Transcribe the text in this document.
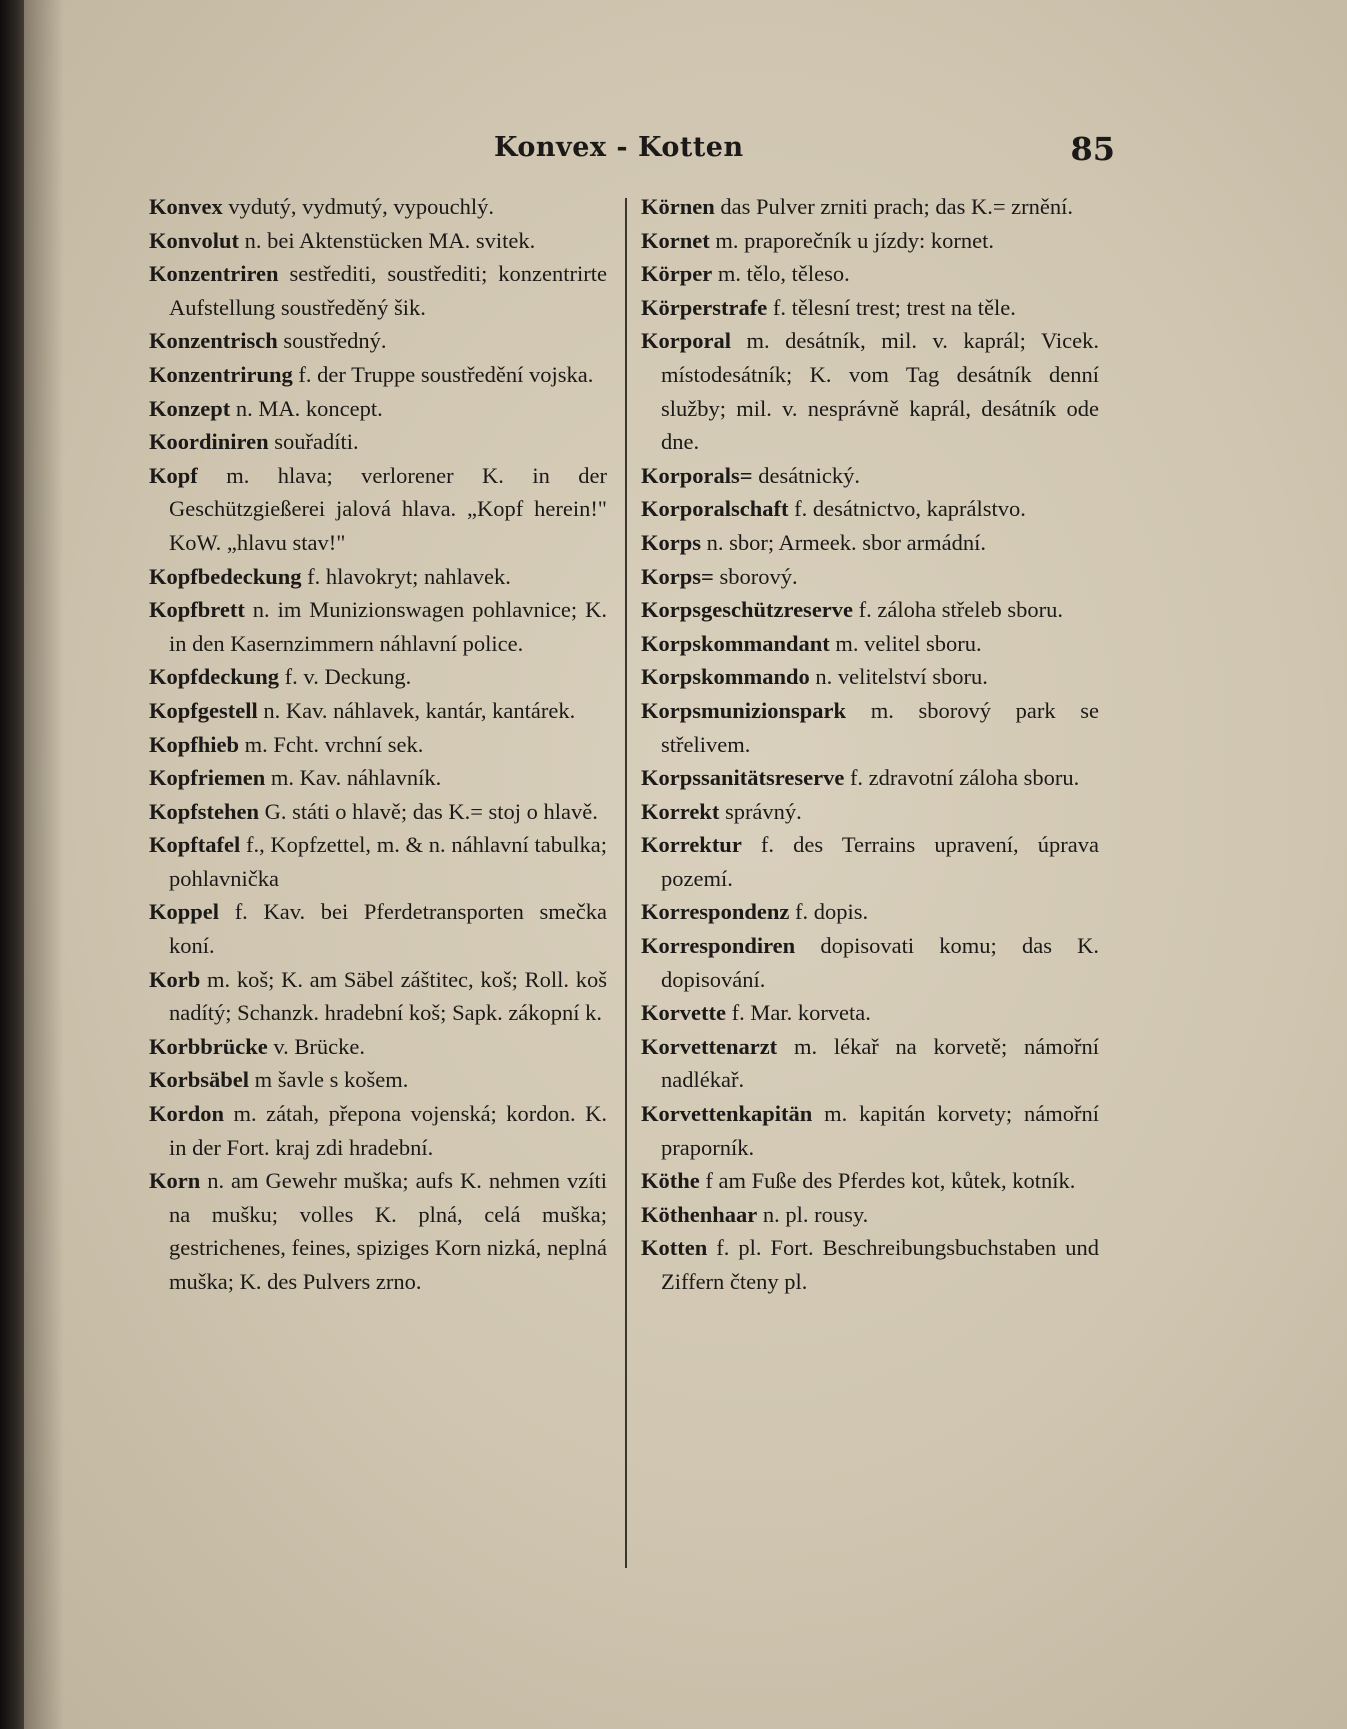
Konvex - Kotten	85
Konvex vydutý, vydmutý, vypouchlý.
Konvolut n. bei Aktenstücken MA. svitek.
Konzentriren sestřediti, soustřediti; konzentrirte Aufstellung soustředěný šik.
Konzentrisch soustředný.
Konzentrirung f. der Truppe soustředění vojska.
Konzept n. MA. koncept.
Koordiniren souřadíti.
Kopf m. hlava; verlorener K. in der Geschützgießerei jalová hlava. „Kopf herein!" KoW. „hlavu stav!"
Kopfbedeckung f. hlavokryt; nahlavek.
Kopfbrett n. im Munizionswagen pohlavnice; K. in den Kasernzimmern náhlavní police.
Kopfdeckung f. v. Deckung.
Kopfgestell n. Kav. náhlavek, kantár, kantárek.
Kopfhieb m. Fcht. vrchní sek.
Kopfriemen m. Kav. náhlavník.
Kopfstehen G. státi o hlavě; das K.= stoj o hlavě.
Kopftafel f., Kopfzettel, m. & n. náhlavní tabulka; pohlavnička
Koppel f. Kav. bei Pferdetransporten smečka koní.
Korb m. koš; K. am Säbel záštitec, koš; Roll. koš nadítý; Schanzk. hradební koš; Sapk. zákopní k.
Korbbrücke v. Brücke.
Korbsäbel m šavle s košem.
Kordon m. zátah, přepona vojenská; kordon. K. in der Fort. kraj zdi hradební.
Korn n. am Gewehr muška; aufs K. nehmen vzíti na mušku; volles K. plná, celá muška; gestrichenes, feines, spiziges Korn nizká, neplná muška; K. des Pulvers zrno.
Körnen das Pulver zrniti prach; das K.= zrnění.
Kornet m. praporečník u jízdy: kornet.
Körper m. tělo, těleso.
Körperstrafe f. tělesní trest; trest na těle.
Korporal m. desátník, mil. v. kaprál; Vicek. místodesátník; K. vom Tag desátník denní služby; mil. v. nesprávně kaprál, desátník ode dne.
Korporals= desátnický.
Korporalschaft f. desátnictvo, kaprálstvo.
Korps n. sbor; Armeek. sbor armádní.
Korps= sborový.
Korpsgeschützreserve f. záloha střeleb sboru.
Korpskommandant m. velitel sboru.
Korpskommando n. velitelství sboru.
Korpsmunizionspark m. sborový park se střelivem.
Korpssanitätsreserve f. zdravotní záloha sboru.
Korrekt správný.
Korrektur f. des Terrains upravení, úprava pozemí.
Korrespondenz f. dopis.
Korrespondiren dopisovati komu; das K. dopisování.
Korvette f. Mar. korveta.
Korvettenarzt m. lékař na korvetě; námořní nadlékař.
Korvettenkapitän m. kapitán korvety; námořní praporník.
Köthe f am Fuße des Pferdes kot, kůtek, kotník.
Köthenhaar n. pl. rousy.
Kotten f. pl. Fort. Beschreibungsbuchstaben und Ziffern čteny pl.
